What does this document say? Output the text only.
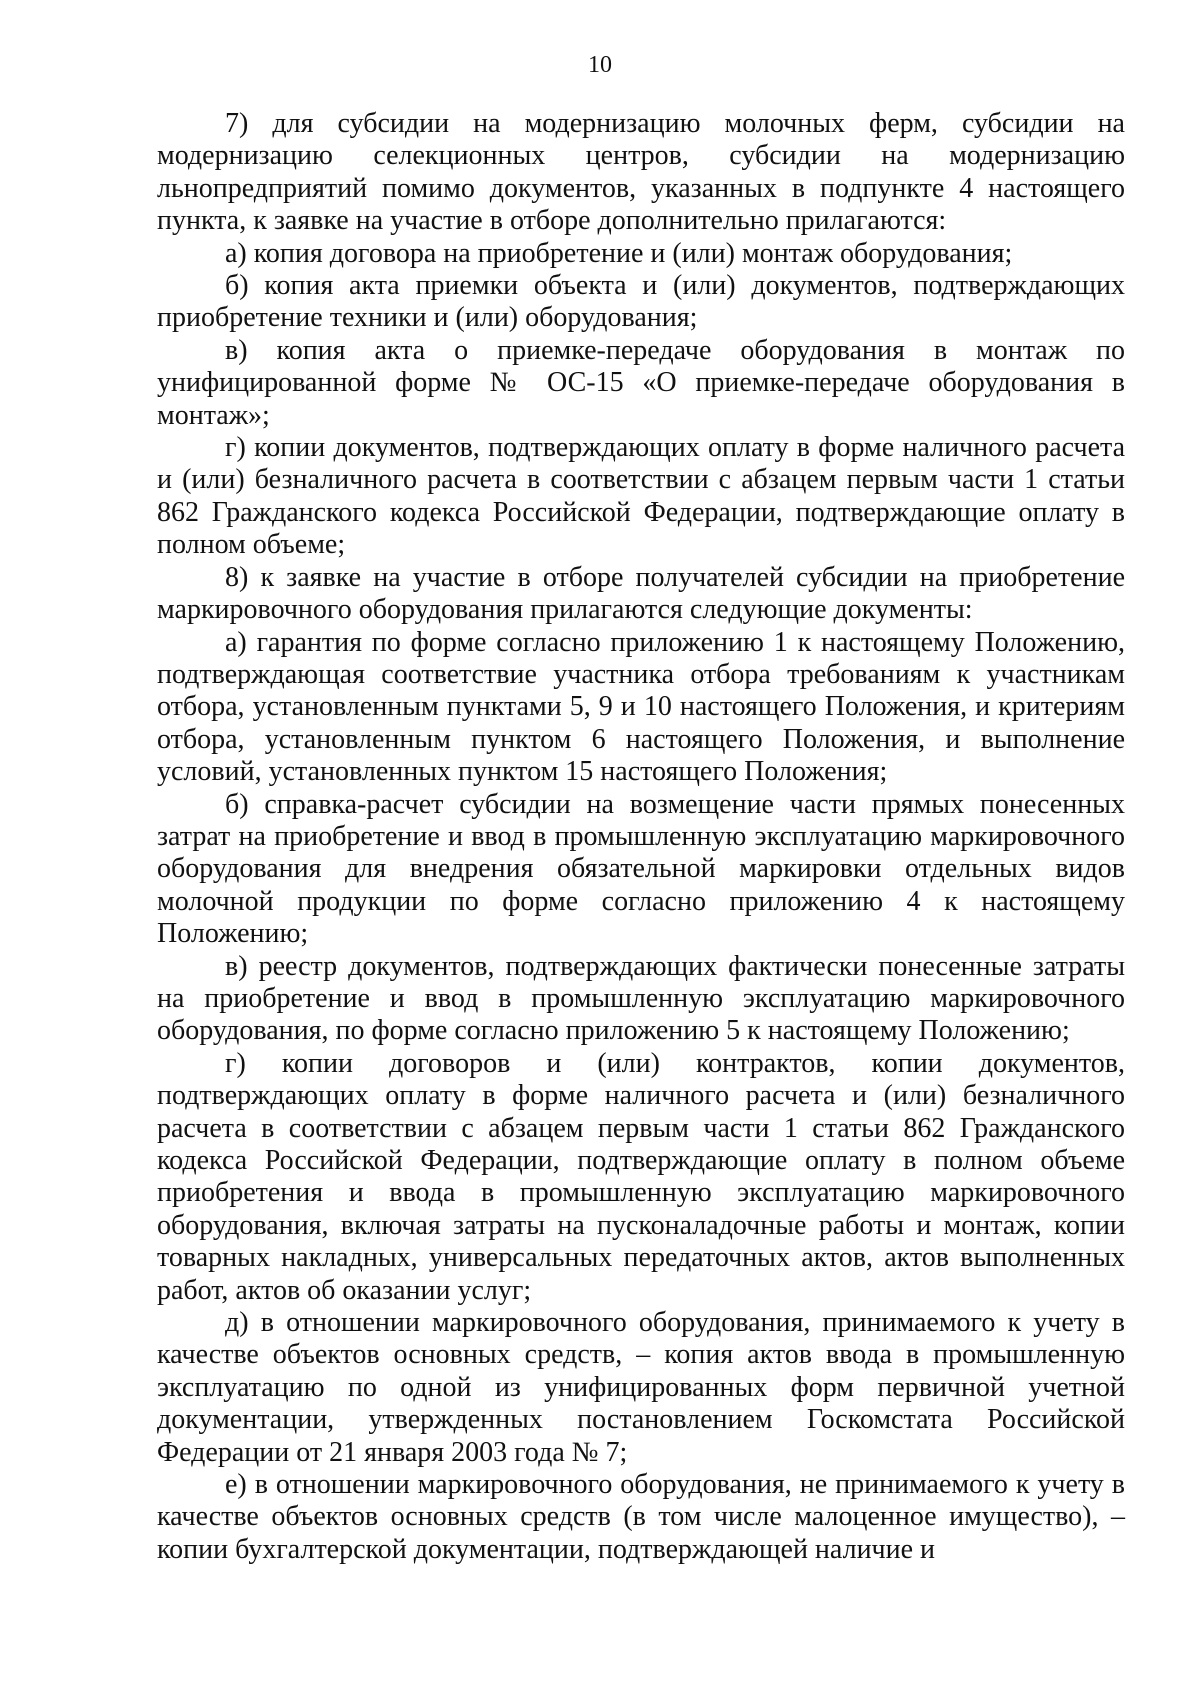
10

7) для субсидии на модернизацию молочных ферм, субсидии на модернизацию селекционных центров, субсидии на модернизацию льнопредприятий помимо документов, указанных в подпункте 4 настоящего пункта, к заявке на участие в отборе дополнительно прилагаются:

а) копия договора на приобретение и (или) монтаж оборудования;

б) копия акта приемки объекта и (или) документов, подтверждающих приобретение техники и (или) оборудования;

в) копия акта о приемке-передаче оборудования в монтаж по унифицированной форме № ОС-15 «О приемке-передаче оборудования в монтаж»;

г) копии документов, подтверждающих оплату в форме наличного расчета и (или) безналичного расчета в соответствии с абзацем первым части 1 статьи 862 Гражданского кодекса Российской Федерации, подтверждающие оплату в полном объеме;

8) к заявке на участие в отборе получателей субсидии на приобретение маркировочного оборудования прилагаются следующие документы:

а) гарантия по форме согласно приложению 1 к настоящему Положению, подтверждающая соответствие участника отбора требованиям к участникам отбора, установленным пунктами 5, 9 и 10 настоящего Положения, и критериям отбора, установленным пунктом 6 настоящего Положения, и выполнение условий, установленных пунктом 15 настоящего Положения;

б) справка-расчет субсидии на возмещение части прямых понесенных затрат на приобретение и ввод в промышленную эксплуатацию маркировочного оборудования для внедрения обязательной маркировки отдельных видов молочной продукции по форме согласно приложению 4 к настоящему Положению;

в) реестр документов, подтверждающих фактически понесенные затраты на приобретение и ввод в промышленную эксплуатацию маркировочного оборудования, по форме согласно приложению 5 к настоящему Положению;

г) копии договоров и (или) контрактов, копии документов, подтверждающих оплату в форме наличного расчета и (или) безналичного расчета в соответствии с абзацем первым части 1 статьи 862 Гражданского кодекса Российской Федерации, подтверждающие оплату в полном объеме приобретения и ввода в промышленную эксплуатацию маркировочного оборудования, включая затраты на пусконаладочные работы и монтаж, копии товарных накладных, универсальных передаточных актов, актов выполненных работ, актов об оказании услуг;

д) в отношении маркировочного оборудования, принимаемого к учету в качестве объектов основных средств, – копия актов ввода в промышленную эксплуатацию по одной из унифицированных форм первичной учетной документации, утвержденных постановлением Госкомстата Российской Федерации от 21 января 2003 года № 7;

е) в отношении маркировочного оборудования, не принимаемого к учету в качестве объектов основных средств (в том числе малоценное имущество), – копии бухгалтерской документации, подтверждающей наличие и
